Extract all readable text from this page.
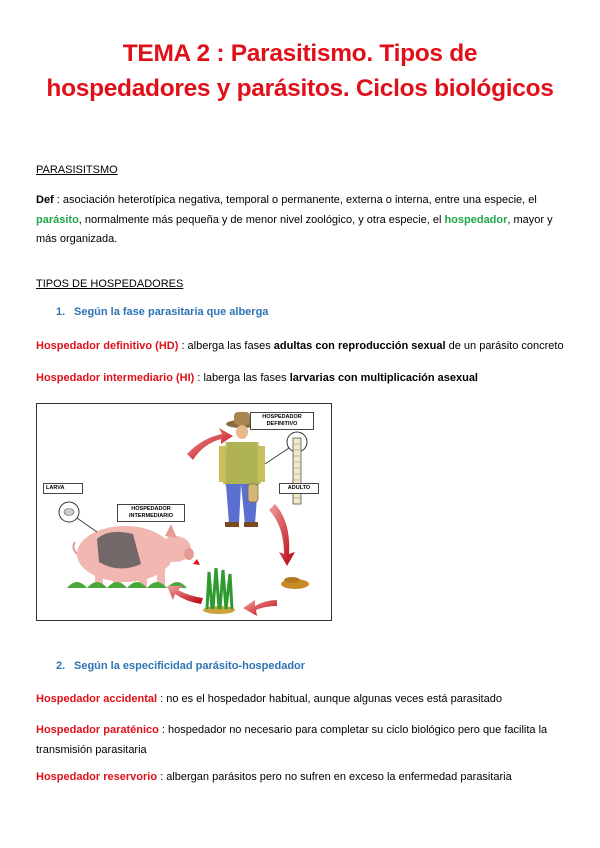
TEMA 2 : Parasitismo. Tipos de
hospedadores y parásitos. Ciclos biológicos
PARASISITSMO
Def : asociación heterotípica negativa, temporal o permanente, externa o interna, entre una especie, el parásito, normalmente más pequeña y de menor nivel zoológico, y otra especie, el hospedador, mayor y más organizada.
TIPOS DE HOSPEDADORES
1. Según la fase parasitaria que alberga
Hospedador definitivo (HD) : alberga las fases adultas con reproducción sexual de un parásito concreto
Hospedador intermediario (HI) : laberga las fases larvarias con multiplicación asexual
HOSPEDADOR DEFINITIVO
ADULTO
LARVA
HOSPEDADOR INTERMEDIARIO
2. Según la especificidad parásito-hospedador
Hospedador accidental : no es el hospedador habitual, aunque algunas veces está parasitado
Hospedador paraténico : hospedador no necesario para completar su ciclo biológico pero que facilita la transmisión parasitaria
Hospedador reservorio : albergan parásitos pero no sufren en exceso la enfermedad parasitaria
